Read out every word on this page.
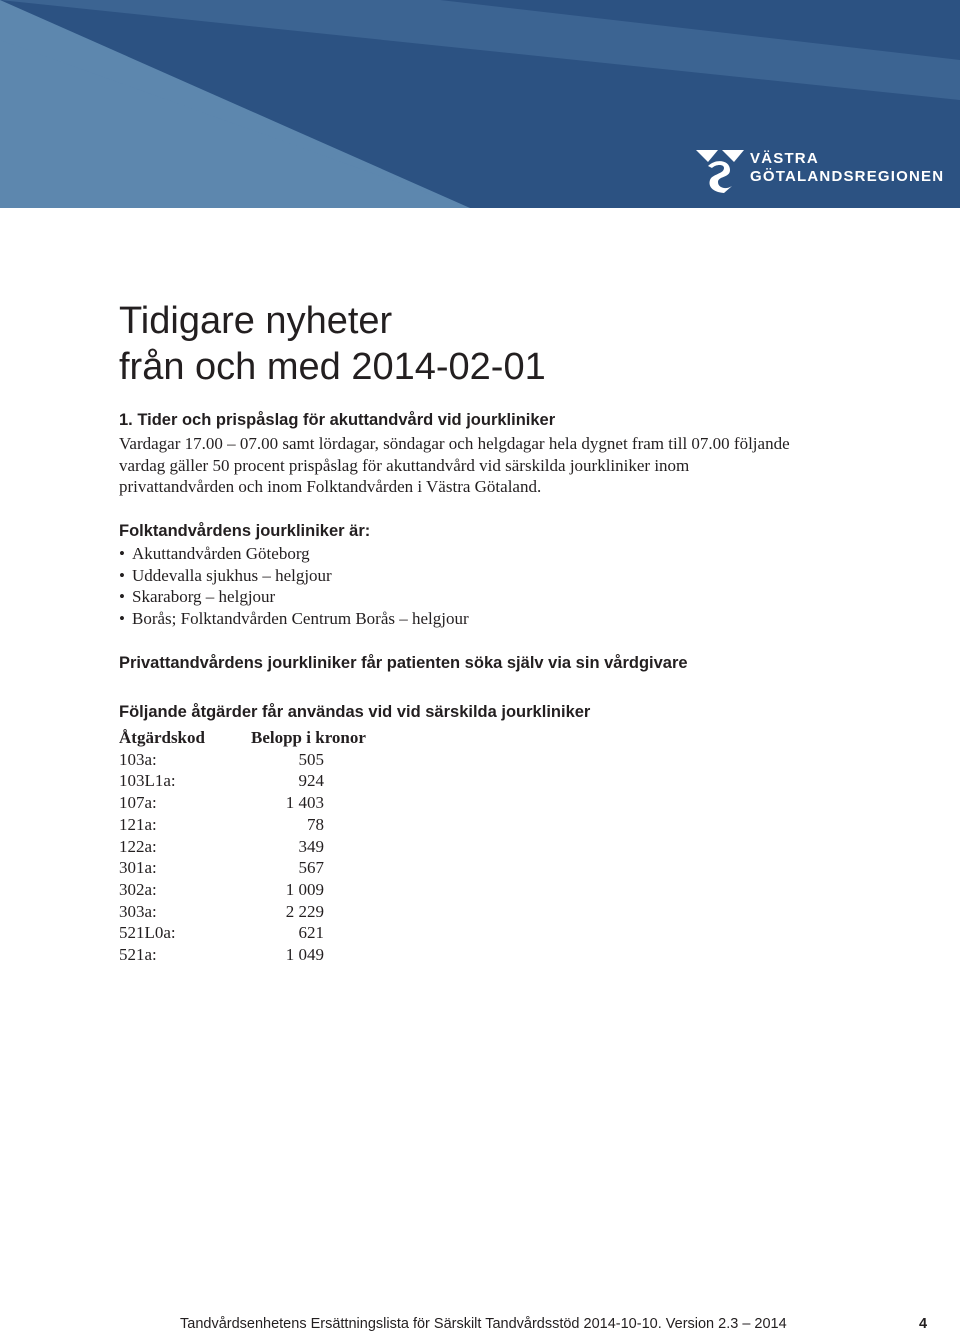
VÄSTRA
GÖTALANDSREGIONEN
Tidigare nyheter
från och med 2014-02-01
1. Tider och prispåslag för akuttandvård vid jourkliniker

Vardagar 17.00 – 07.00 samt lördagar, söndagar och helgdagar hela dygnet fram till 07.00 följande vardag gäller 50 procent prispåslag för akuttandvård vid särskilda jourkliniker inom privattandvården och inom Folktandvården i Västra Götaland.

Folktandvårdens jourkliniker är:
• Akuttandvården Göteborg
• Uddevalla sjukhus – helgjour
• Skaraborg – helgjour
• Borås; Folktandvården Centrum Borås – helgjour
Privattandvårdens jourkliniker får patienten söka själv via sin vårdgivare
Följande åtgärder får användas vid vid särskilda jourkliniker
Åtgärdskod	Belopp i kronor	
103a:	505	
103L1a:	924	
107a:	1 403	
121a:	78	
122a:	349	
301a:	567	
302a:	1 009	
303a:	2 229	
521L0a:	621	
521a:	1 049	
Tandvårdsenhetens Ersättningslista för Särskilt Tandvårdsstöd 2014-10-10. Version 2.3 – 2014	4
